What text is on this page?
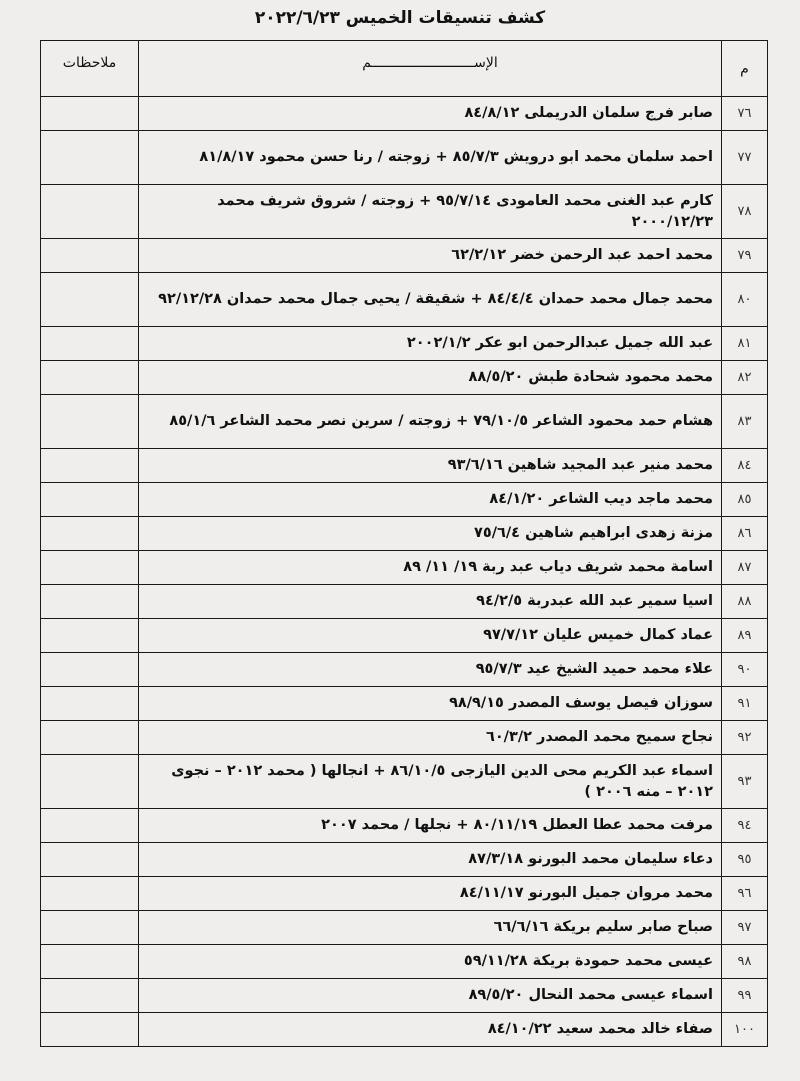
كشف تنسيقات الخميس ٢٠٢٢/٦/٢٣
م	الإســـــــــــــــــــــــــم	ملاحظات

٧٦	صابر فرج سلمان الدريملى ٨٤/٨/١٢	
٧٧	احمد سلمان محمد ابو درويش ٨٥/٧/٣ + زوجته / رنا حسن محمود ٨١/٨/١٧	
٧٨	كارم عبد الغنى محمد العامودى ٩٥/٧/١٤ + زوجته / شروق شريف محمد ٢٠٠٠/١٢/٢٣	
٧٩	محمد احمد عبد الرحمن خضر ٦٢/٢/١٢	
٨٠	محمد جمال محمد حمدان ٨٤/٤/٤ + شقيقة / يحيى جمال محمد حمدان ٩٢/١٢/٢٨	
٨١	عبد الله جميل عبدالرحمن ابو عكر ٢٠٠٢/١/٢	
٨٢	محمد محمود شحادة طبش ٨٨/٥/٢٠	
٨٣	هشام حمد محمود الشاعر ٧٩/١٠/٥ + زوجته / سرين نصر محمد الشاعر ٨٥/١/٦	
٨٤	محمد منير عبد المجيد شاهين ٩٣/٦/١٦	
٨٥	محمد ماجد ديب الشاعر ٨٤/١/٢٠	
٨٦	مزنة زهدى ابراهيم شاهين ٧٥/٦/٤	
٨٧	اسامة محمد شريف دياب عبد ربة ١٩/ ١١/ ٨٩	
٨٨	اسيا سمير عبد الله عبدربة ٩٤/٢/٥	
٨٩	عماد كمال خميس عليان ٩٧/٧/١٢	
٩٠	علاء محمد حميد الشيخ عيد ٩٥/٧/٣	
٩١	سوزان فيصل يوسف المصدر ٩٨/٩/١٥	
٩٢	نجاح سميح محمد المصدر ٦٠/٣/٢	
٩٣	اسماء عبد الكريم محى الدين اليازجى ٨٦/١٠/٥ + انجالها ( محمد ٢٠١٢ – نجوى ٢٠١٢ – منه ٢٠٠٦ )	
٩٤	مرفت محمد عطا العطل ٨٠/١١/١٩ + نجلها / محمد ٢٠٠٧	
٩٥	دعاء سليمان محمد البورنو ٨٧/٣/١٨	
٩٦	محمد مروان جميل البورنو ٨٤/١١/١٧	
٩٧	صباح صابر سليم بريكة ٦٦/٦/١٦	
٩٨	عيسى محمد حمودة بريكة ٥٩/١١/٢٨	
٩٩	اسماء عيسى محمد النحال ٨٩/٥/٢٠	
١٠٠	صفاء خالد محمد سعيد ٨٤/١٠/٢٢	
